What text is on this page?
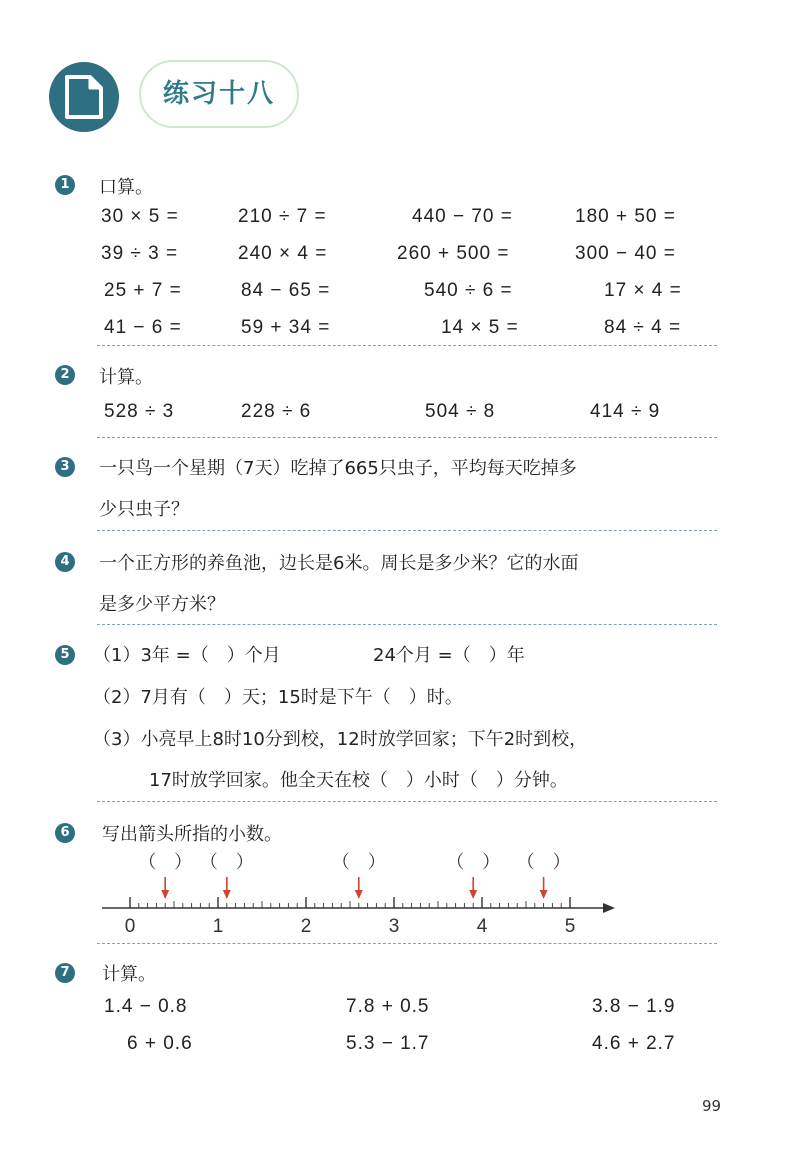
练习十八
1	口算。
30 × 5 =	210 ÷ 7 =	440 − 70 =	180 + 50 =
39 ÷ 3 =	240 × 4 =	260 + 500 =	300 − 40 =
25 + 7 =	84 − 65 =	540 ÷ 6 =	17 × 4 =
41 − 6 =	59 + 34 =	14 × 5 =	84 ÷ 4 =
2	计算。
528 ÷ 3	228 ÷ 6	504 ÷ 8	414 ÷ 9
3	一只鸟一个星期（7天）吃掉了665只虫子，平均每天吃掉多
少只虫子？
4	一个正方形的养鱼池，边长是6米。周长是多少米？它的水面
是多少平方米？
5	（1）3年 =（　）个月	24个月 =（　）年
（2）7月有（　）天；15时是下午（　）时。
（3）小亮早上8时10分到校，12时放学回家；下午2时到校，
17时放学回家。他全天在校（　）小时（　）分钟。
6	写出箭头所指的小数。
（　） （　）	（　）	（　） （　）
0	1	2	3	4	5
7	计算。
1.4 − 0.8	7.8 + 0.5	3.8 − 1.9
6 + 0.6	5.3 − 1.7	4.6 + 2.7
99
